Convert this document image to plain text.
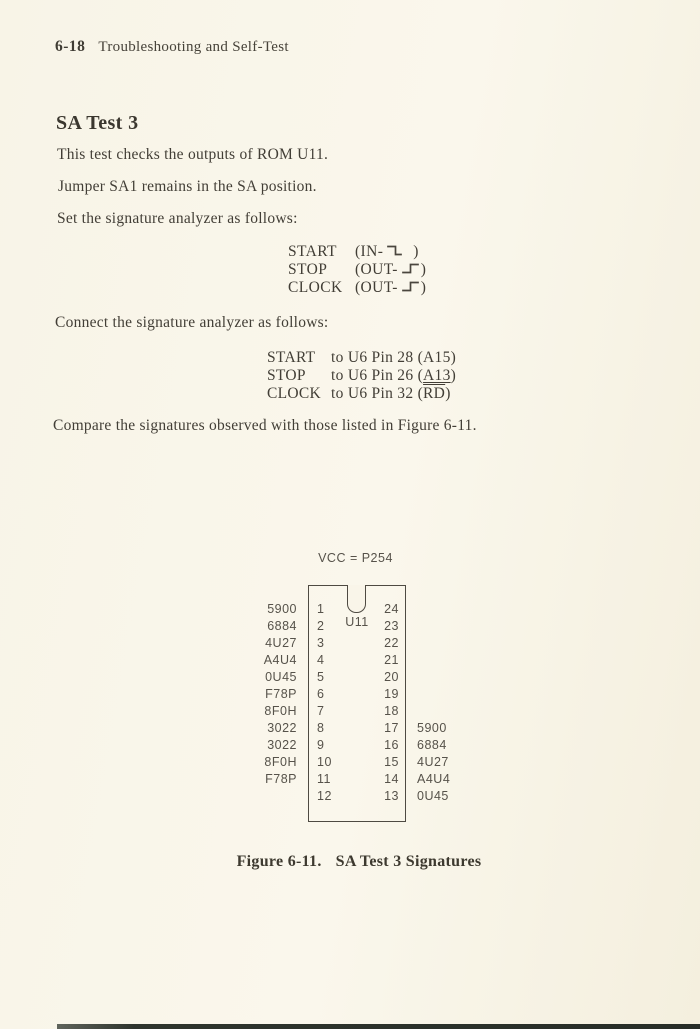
6-18 Troubleshooting and Self-Test
SA Test 3

This test checks the outputs of ROM U11.

Jumper SA1 remains in the SA position.

Set the signature analyzer as follows:

START (IN- )
STOP (OUT- )
CLOCK (OUT- )

Connect the signature analyzer as follows:

START to U6 Pin 28 (A15)
STOP to U6 Pin 26 (A13)
CLOCK to U6 Pin 32 $(\overline{RD})$

Compare the signatures observed with those listed in Figure 6-11.

VCC = P254
U11
5900 1	24
6884 2	23
4U27 3	22
A4U4 4	21
0U45 5	20
F78P 6	19
8F0H 7	18
3022 8	17 5900
3022 9	16 6884
8F0H 10	15 4U27
F78P 11	14 A4U4
12	13 0U45
Figure 6-11. SA Test 3 Signatures
